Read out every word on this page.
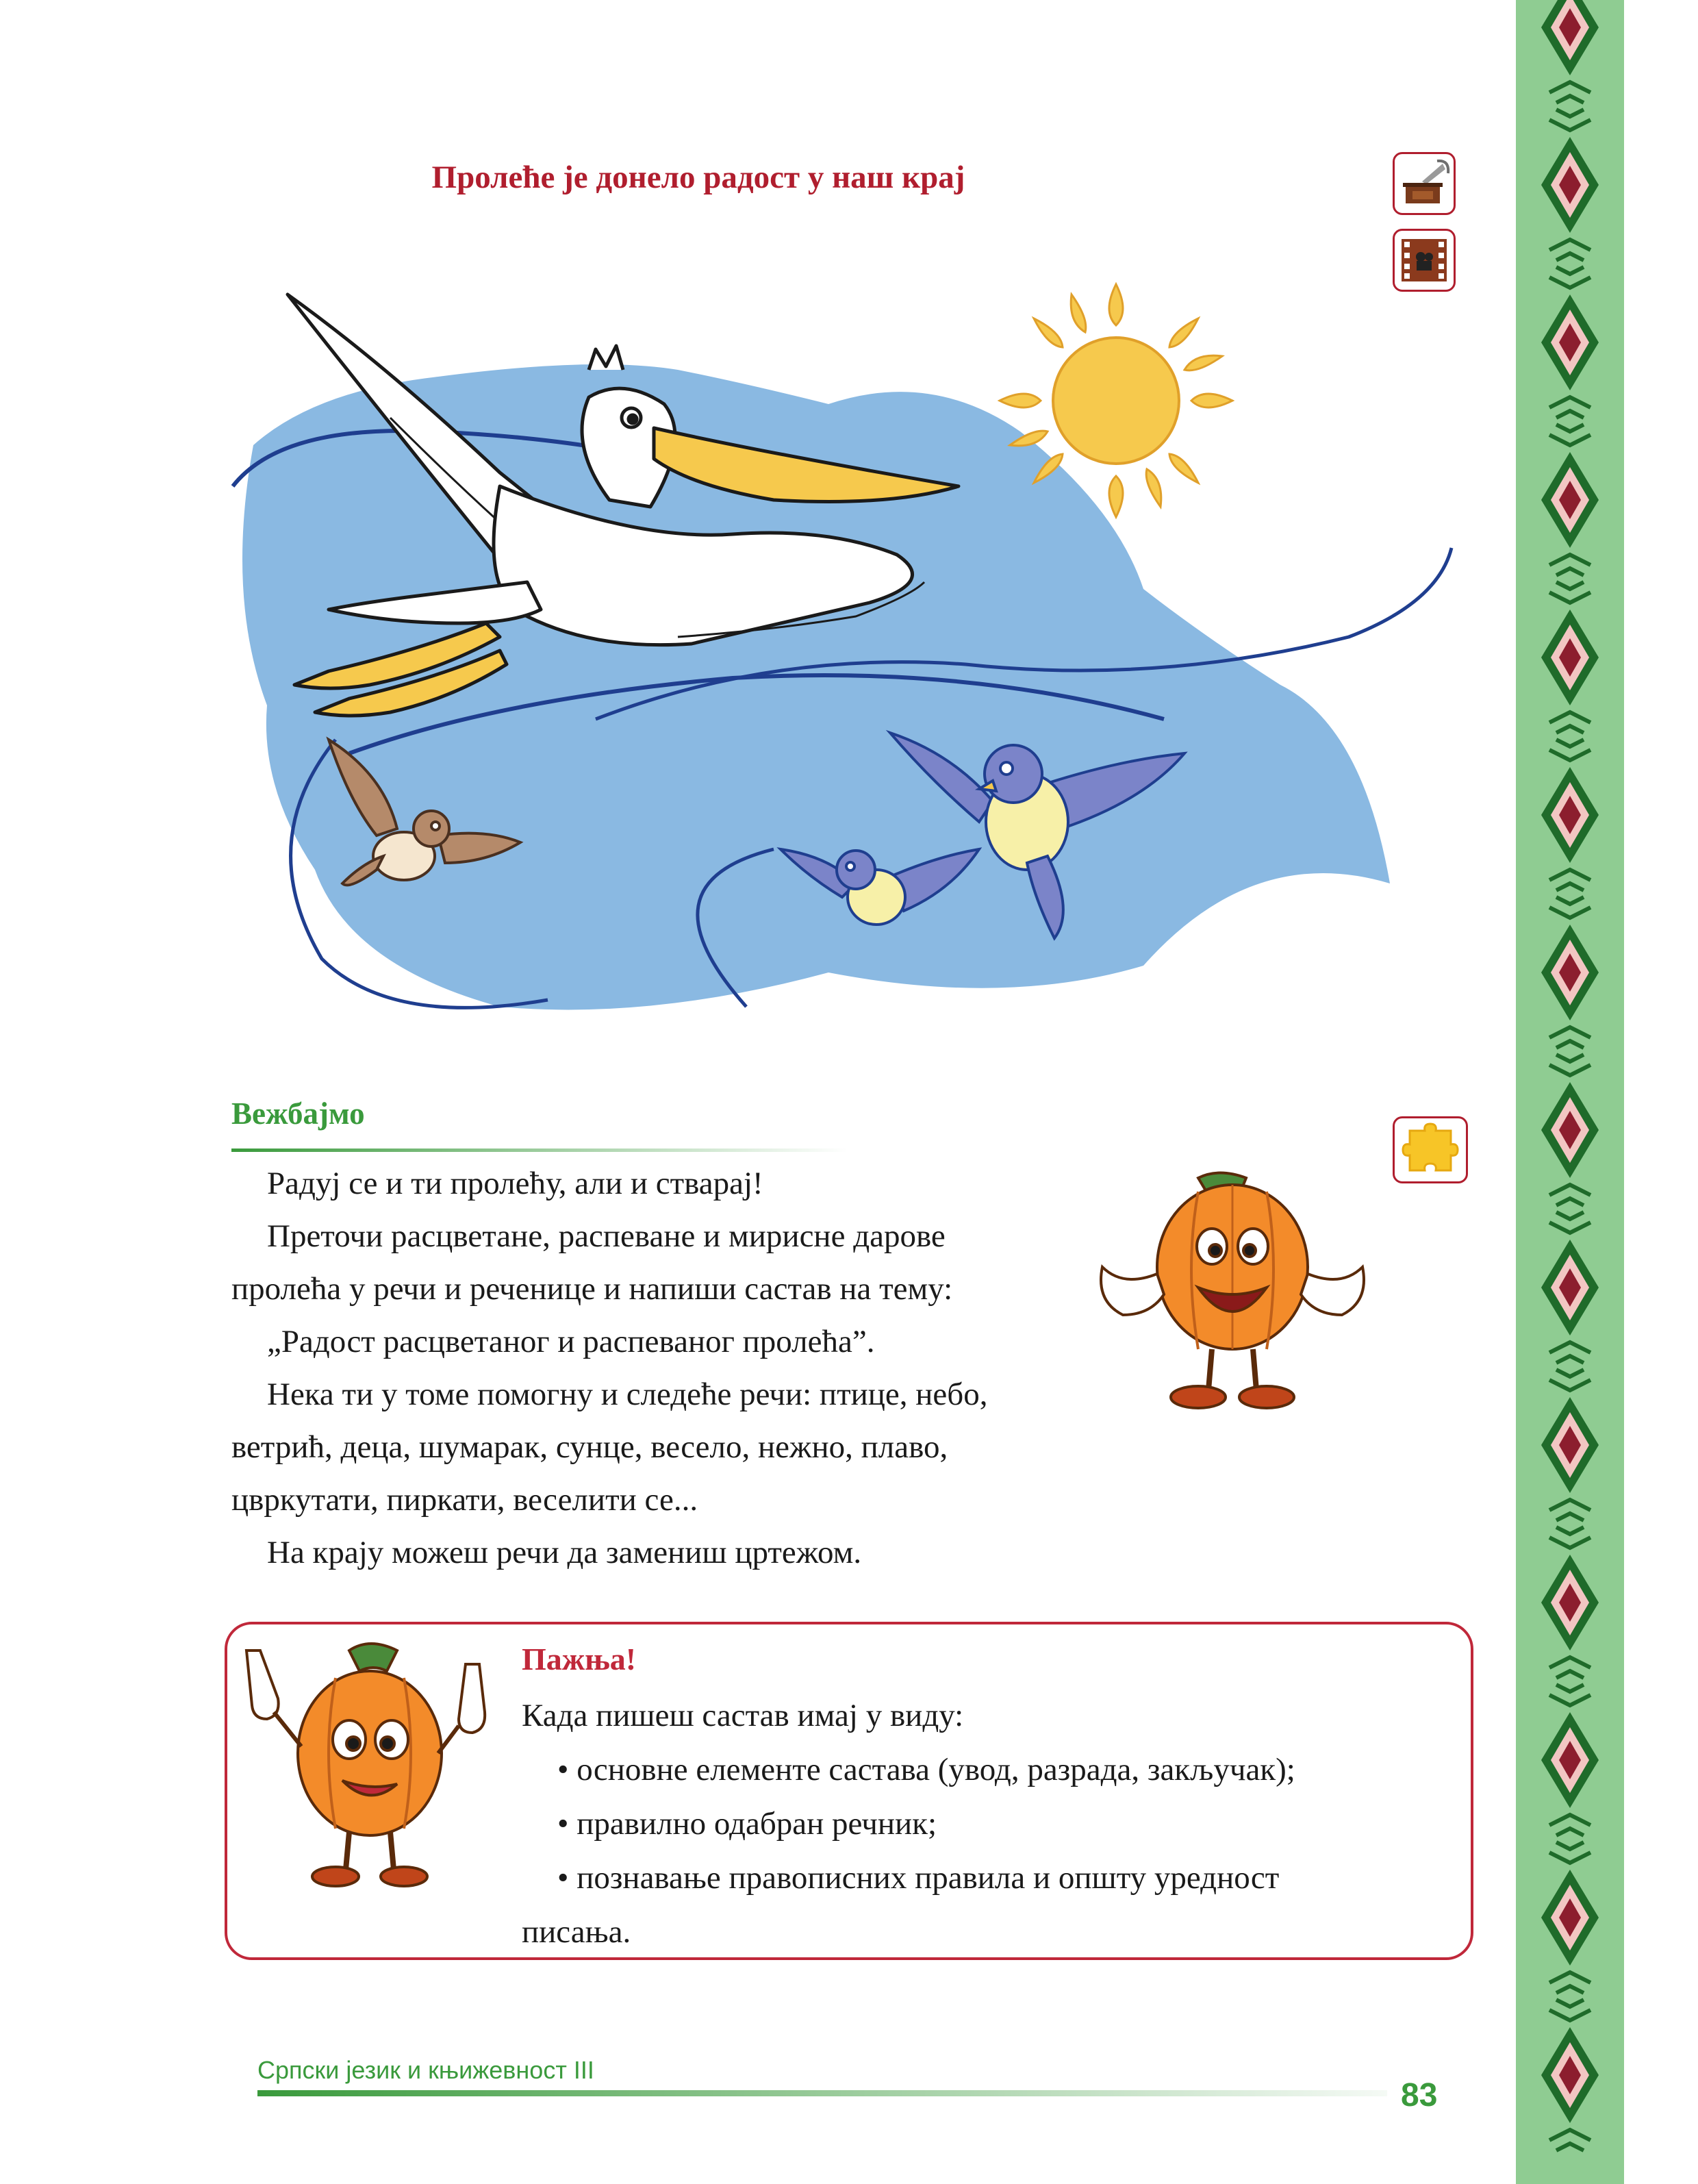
Пролеће је донело радост у наш крај
Вежбајмо

Радуј се и ти пролећу, али и стварај!

Преточи расцветане, распеване и мирисне дарове

пролећа у речи и реченице и напиши састав на тему:

„Радост расцветаног и распеваног пролећа”.

Нека ти у томе помогну и следеће речи: птице, небо,

ветрић, деца, шумарак, сунце, весело, нежно, плаво,

цвркутати, пиркати, веселити се...

На крају можеш речи да замениш цртежом.

Пажња!

Када пишеш састав имај у виду:

• основне елементе састава (увод, разрада, закључак);

• правилно одабран речник;

• познавање правописних правила и општу уредност

писања.

Српски језик и књижевност III
83
